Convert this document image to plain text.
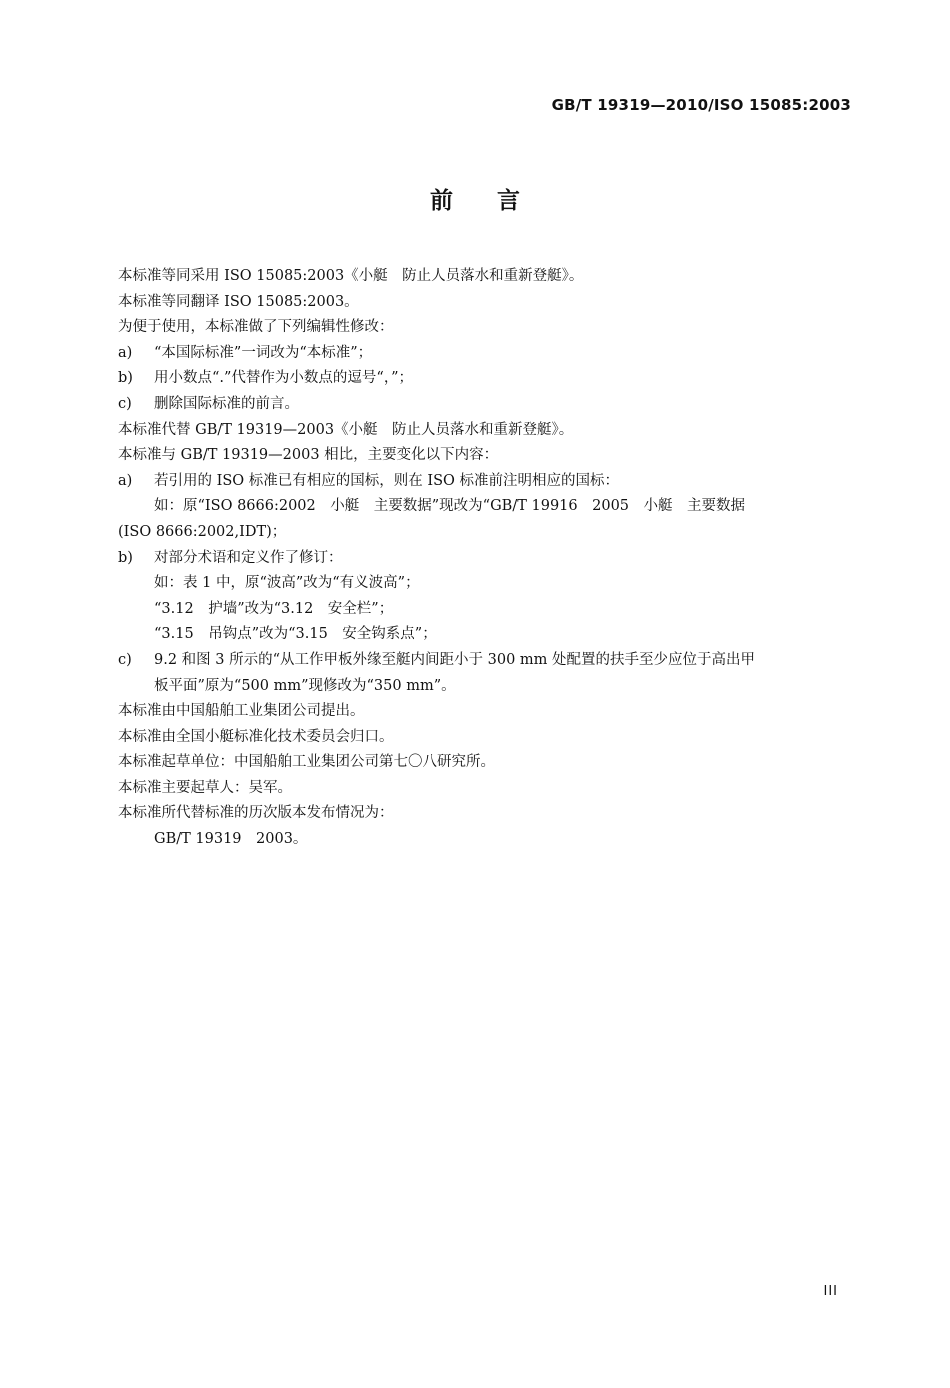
GB/T 19319—2010/ISO 15085:2003
前言
本标准等同采用 ISO 15085:2003《小艇　防止人员落水和重新登艇》。
本标准等同翻译 ISO 15085:2003。
为便于使用，本标准做了下列编辑性修改：
a)	“本国际标准”一词改为“本标准”；
b)	用小数点“.”代替作为小数点的逗号“，”；
c)	删除国际标准的前言。
本标准代替 GB/T 19319—2003《小艇　防止人员落水和重新登艇》。
本标准与 GB/T 19319—2003 相比，主要变化以下内容：
a)	若引用的 ISO 标准已有相应的国标，则在 ISO 标准前注明相应的国标：
如：原“ISO 8666:2002　小艇　主要数据”现改为“GB/T 19916　2005　小艇　主要数据
(ISO 8666:2002,IDT)；
b)	对部分术语和定义作了修订：
如：表 1 中，原“波高”改为“有义波高”；
“3.12　护墙”改为“3.12　安全栏”；
“3.15　吊钩点”改为“3.15　安全钩系点”；
c)	9.2 和图 3 所示的“从工作甲板外缘至艇内间距小于 300 mm 处配置的扶手至少应位于高出甲
板平面”原为“500 mm”现修改为“350 mm”。
本标准由中国船舶工业集团公司提出。
本标准由全国小艇标准化技术委员会归口。
本标准起草单位：中国船舶工业集团公司第七〇八研究所。
本标准主要起草人：吴军。
本标准所代替标准的历次版本发布情况为：
GB/T 19319　2003。
III
